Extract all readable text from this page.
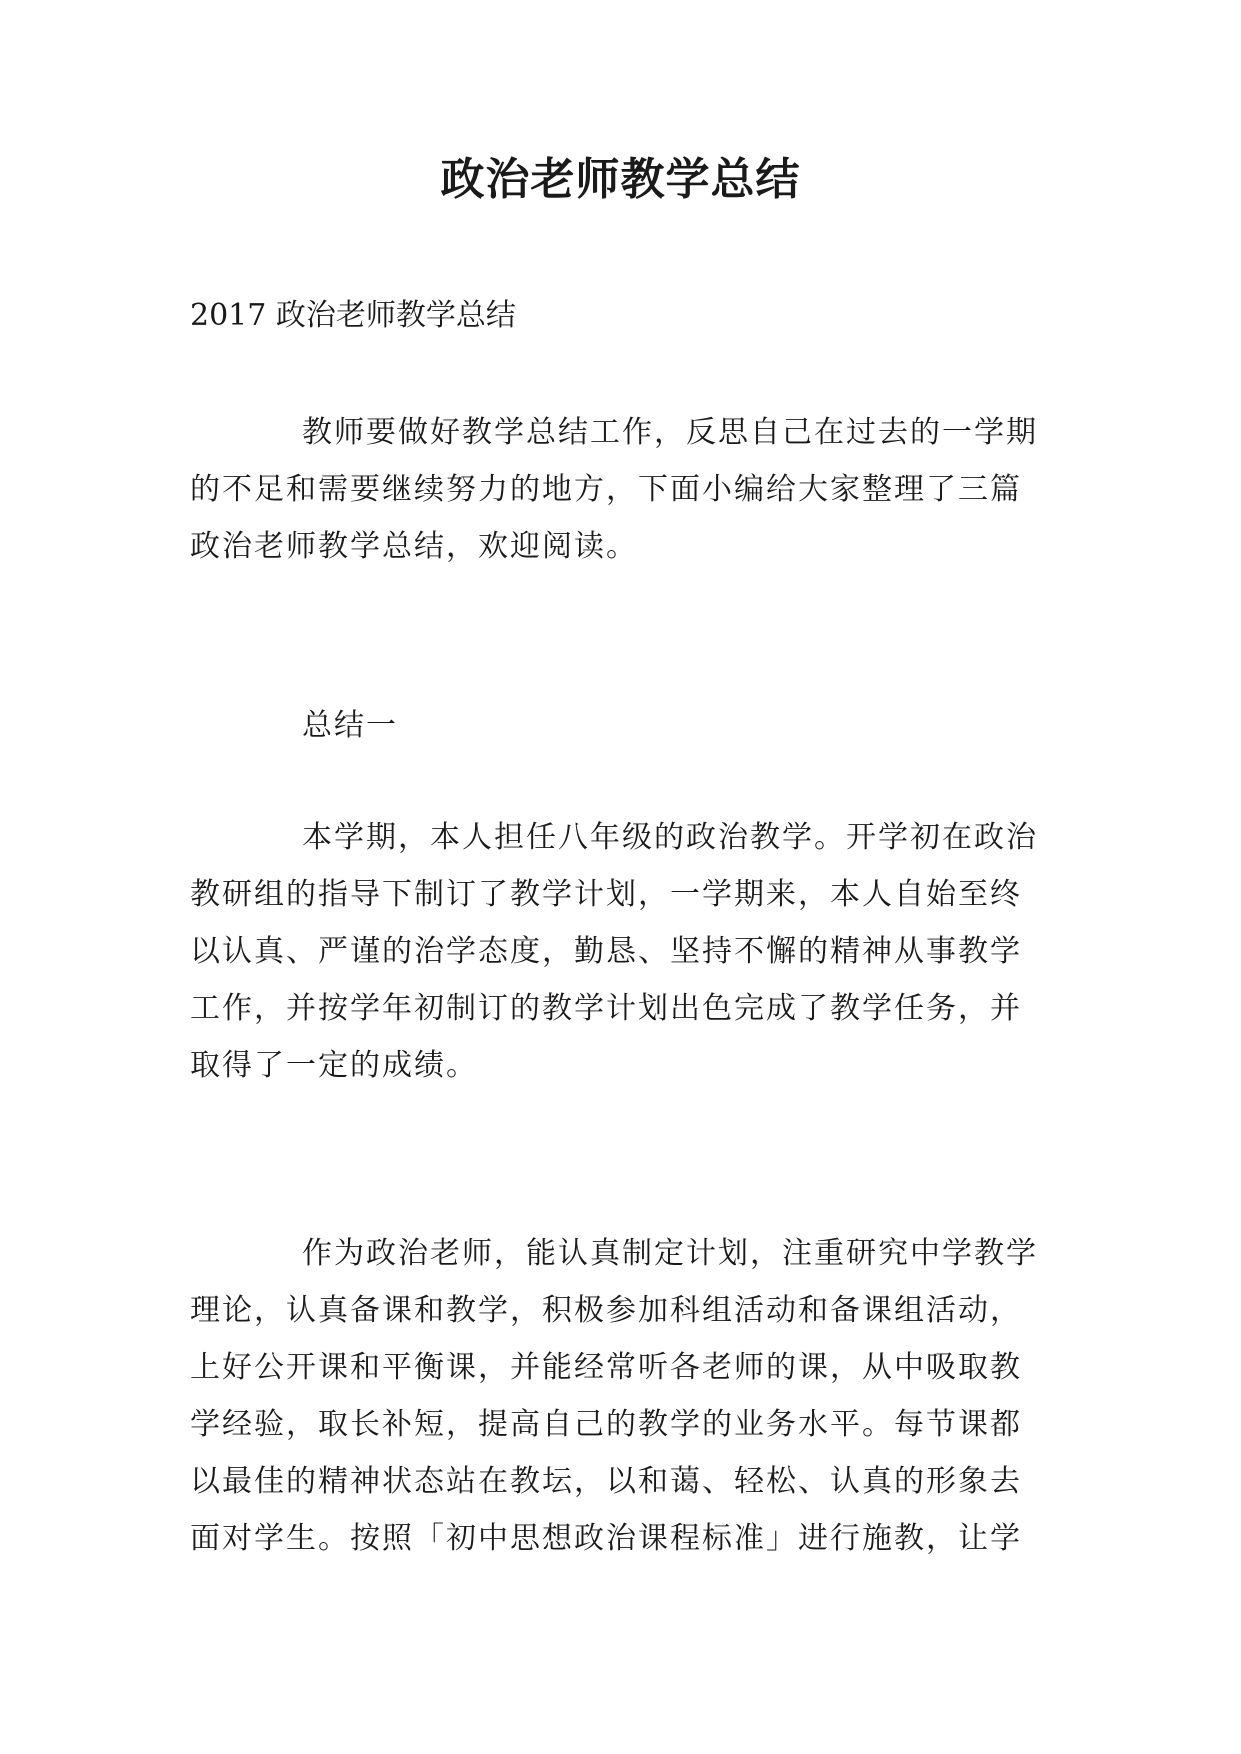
政治老师教学总结

2017 政治老师教学总结

教师要做好教学总结工作，反思自己在过去的一学期
的不足和需要继续努力的地方，下面小编给大家整理了三篇
政治老师教学总结，欢迎阅读。
总结一
本学期，本人担任八年级的政治教学。开学初在政治
教研组的指导下制订了教学计划，一学期来，本人自始至终
以认真、严谨的治学态度，勤恳、坚持不懈的精神从事教学
工作，并按学年初制订的教学计划出色完成了教学任务，并
取得了一定的成绩。
作为政治老师，能认真制定计划，注重研究中学教学
理论，认真备课和教学，积极参加科组活动和备课组活动，
上好公开课和平衡课，并能经常听各老师的课，从中吸取教
学经验，取长补短，提高自己的教学的业务水平。每节课都
以最佳的精神状态站在教坛，以和蔼、轻松、认真的形象去
面对学生。按照「初中思想政治课程标准」进行施教，让学
